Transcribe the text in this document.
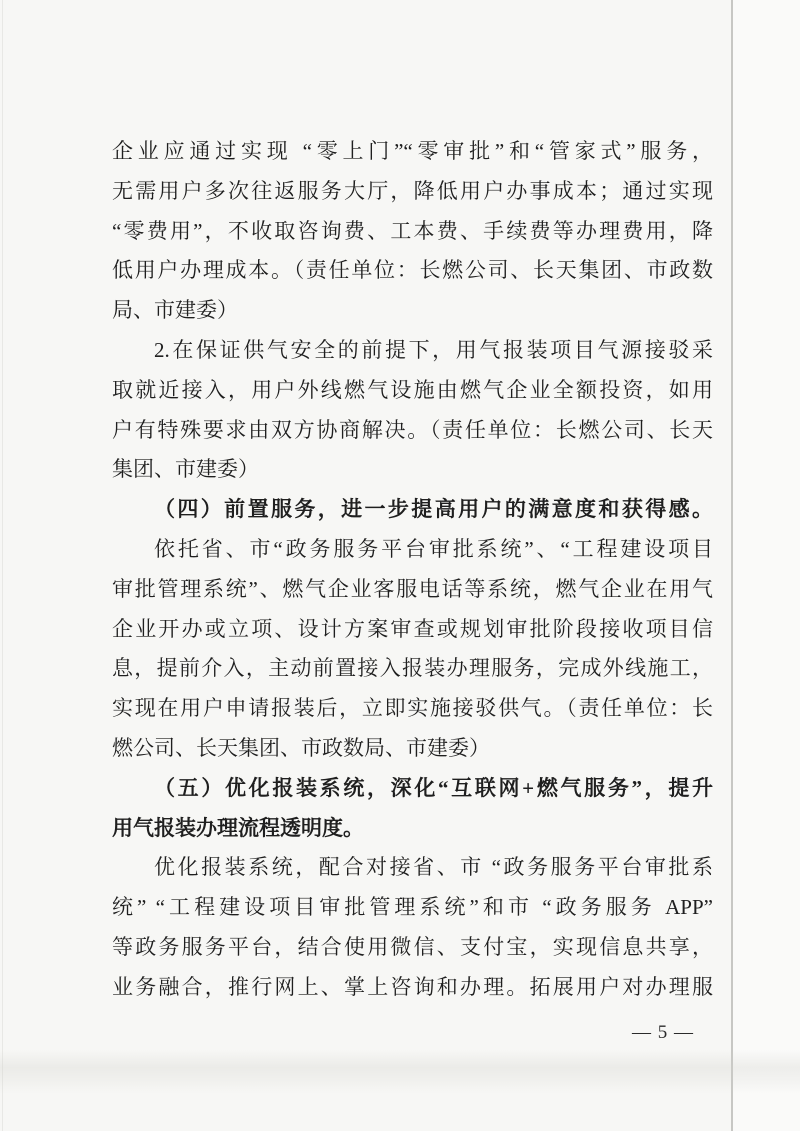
企业应通过实现 “零上门”“零审批”和“管家式”服务，
无需用户多次往返服务大厅，降低用户办事成本；通过实现
“零费用”，不收取咨询费、工本费、手续费等办理费用，降
低用户办理成本。（责任单位：长燃公司、长天集团、市政数
局、市建委）
2.在保证供气安全的前提下，用气报装项目气源接驳采
取就近接入，用户外线燃气设施由燃气企业全额投资，如用
户有特殊要求由双方协商解决。（责任单位：长燃公司、长天
集团、市建委）
（四）前置服务，进一步提高用户的满意度和获得感。
依托省、市“政务服务平台审批系统”、“工程建设项目
审批管理系统”、燃气企业客服电话等系统，燃气企业在用气
企业开办或立项、设计方案审查或规划审批阶段接收项目信
息，提前介入，主动前置接入报装办理服务，完成外线施工，
实现在用户申请报装后，立即实施接驳供气。（责任单位：长
燃公司、长天集团、市政数局、市建委）
（五）优化报装系统，深化“互联网+燃气服务”，提升
用气报装办理流程透明度。
优化报装系统，配合对接省、市 “政务服务平台审批系
统” “工程建设项目审批管理系统”和市 “政务服务 APP”
等政务服务平台，结合使用微信、支付宝，实现信息共享，
业务融合，推行网上、掌上咨询和办理。拓展用户对办理服
— 5 —
